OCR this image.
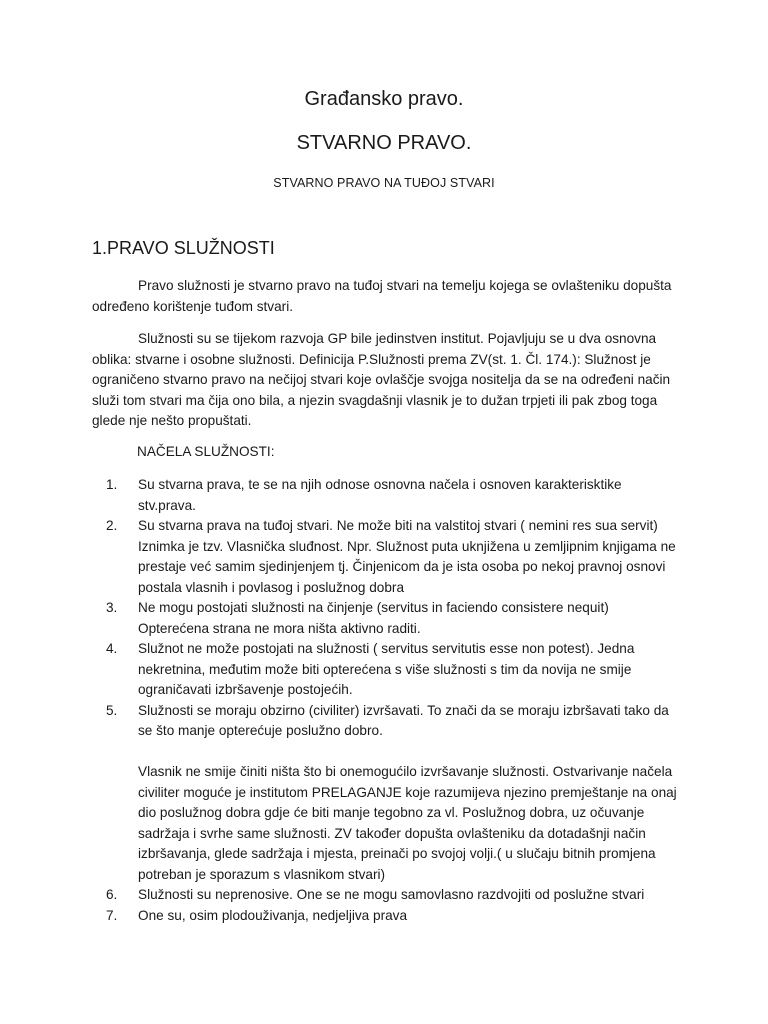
Građansko pravo.
STVARNO PRAVO.
STVARNO PRAVO NA TUĐOJ STVARI
1.PRAVO SLUŽNOSTI

Pravo služnosti je stvarno pravo na tuđoj stvari na temelju kojega se ovlašteniku dopušta određeno korištenje tuđom stvari.

Služnosti su se tijekom razvoja GP bile jedinstven institut. Pojavljuju se u dva osnovna oblika: stvarne i osobne služnosti. Definicija P.Služnosti prema ZV(st. 1. Čl. 174.): Služnost je ograničeno stvarno pravo na nečijoj stvari koje ovlaščje svojga nositelja da se na određeni način služi tom stvari ma čija ono bila, a njezin svagdašnji vlasnik je to dužan trpjeti ili pak zbog toga glede nje nešto propuštati.

NAČELA SLUŽNOSTI:

1. Su stvarna prava, te se na njih odnose osnovna načela i osnoven karakterisktike stv.prava.
2. Su stvarna prava na tuđoj stvari. Ne može biti na valstitoj stvari ( nemini res sua servit) Iznimka je tzv. Vlasnička sluđnost. Npr. Služnost puta uknjižena u zemljipnim knjigama ne prestaje već samim sjedinjenjem tj. Činjenicom da je ista osoba po nekoj pravnoj osnovi postala vlasnih i povlasog i poslužnog dobra
3. Ne mogu postojati služnosti na činjenje (servitus in faciendo consistere nequit) Opterećena strana ne mora ništa aktivno raditi.
4. Služnot ne može postojati na služnosti ( servitus servitutis esse non potest). Jedna nekretnina, međutim može biti opterećena s više služnosti s tim da novija ne smije ograničavati izbršavenje postojećih.
5. Služnosti se moraju obzirno (civiliter) izvršavati. To znači da se moraju izbršavati tako da se što manje opterećuje poslužno dobro.
Vlasnik ne smije činiti ništa što bi onemogućilo izvršavanje služnosti. Ostvarivanje načela civiliter moguće je institutom PRELAGANJE koje razumijeva njezino premještanje na onaj dio poslužnog dobra gdje će biti manje tegobno za vl. Poslužnog dobra, uz očuvanje sadržaja i svrhe same služnosti. ZV također dopušta ovlašteniku da dotadašnji način izbršavanja, glede sadržaja i mjesta, preinači po svojoj volji.( u slučaju bitnih promjena potreban je sporazum s vlasnikom stvari)
6. Služnosti su neprenosive. One se ne mogu samovlasno razdvojiti od poslužne stvari
7. One su, osim plodouživanja, nedjeljiva prava
